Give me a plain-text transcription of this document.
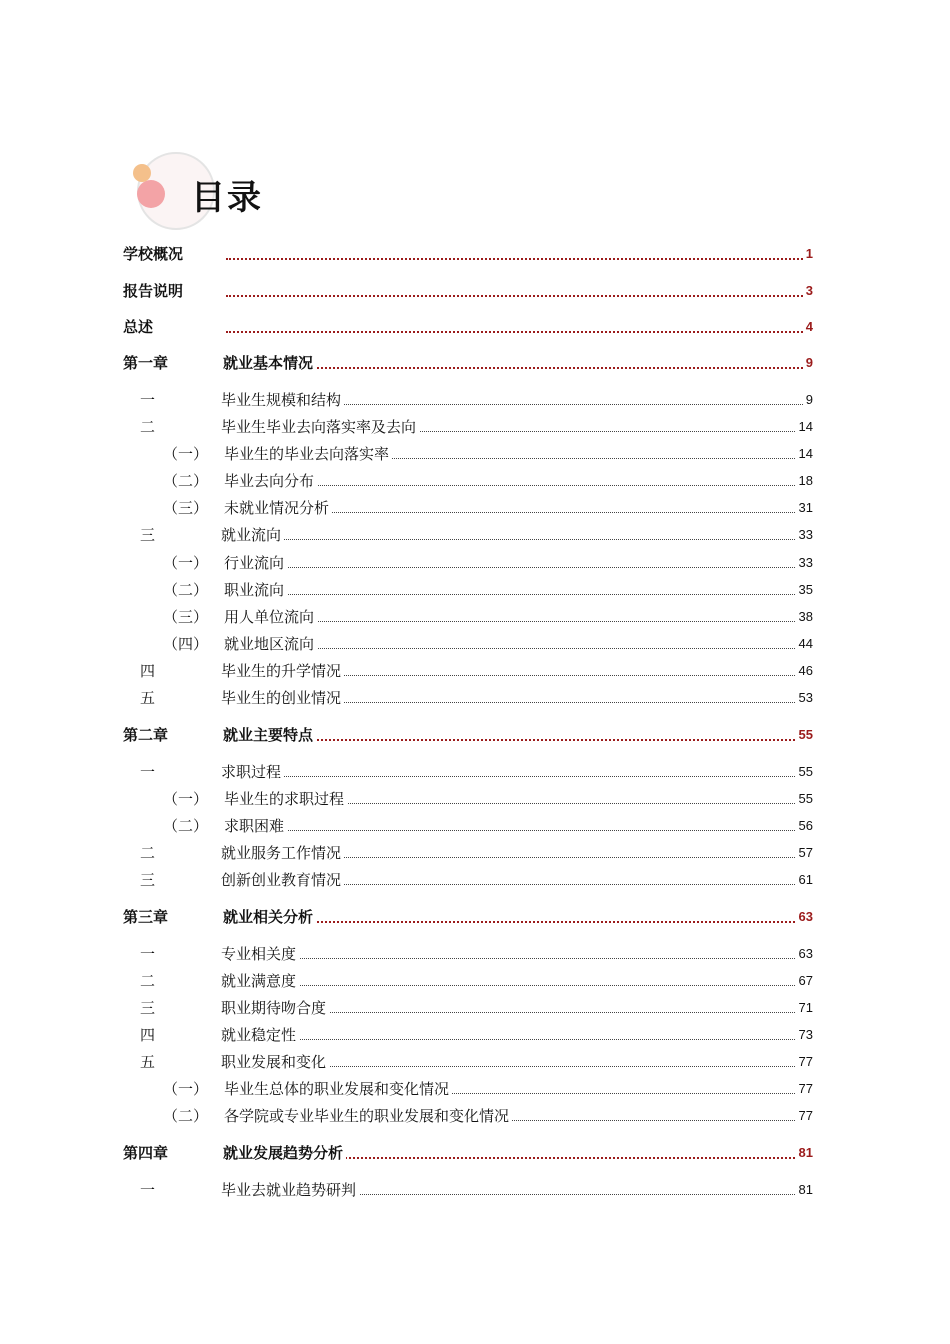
目录
学校概况	1
报告说明	3
总述	4
第一章	就业基本情况	9
一	毕业生规模和结构	9
二	毕业生毕业去向落实率及去向	14
（一） 毕业生的毕业去向落实率	14
（二） 毕业去向分布	18
（三） 未就业情况分析	31
三	就业流向	33
（一） 行业流向	33
（二） 职业流向	35
（三） 用人单位流向	38
（四） 就业地区流向	44
四	毕业生的升学情况	46
五	毕业生的创业情况	53
第二章	就业主要特点	55
一	求职过程	55
（一） 毕业生的求职过程	55
（二） 求职困难	56
二	就业服务工作情况	57
三	创新创业教育情况	61
第三章	就业相关分析	63
一	专业相关度	63
二	就业满意度	67
三	职业期待吻合度	71
四	就业稳定性	73
五	职业发展和变化	77
（一） 毕业生总体的职业发展和变化情况	77
（二） 各学院或专业毕业生的职业发展和变化情况	77
第四章	就业发展趋势分析	81
一	毕业去就业趋势研判	81
